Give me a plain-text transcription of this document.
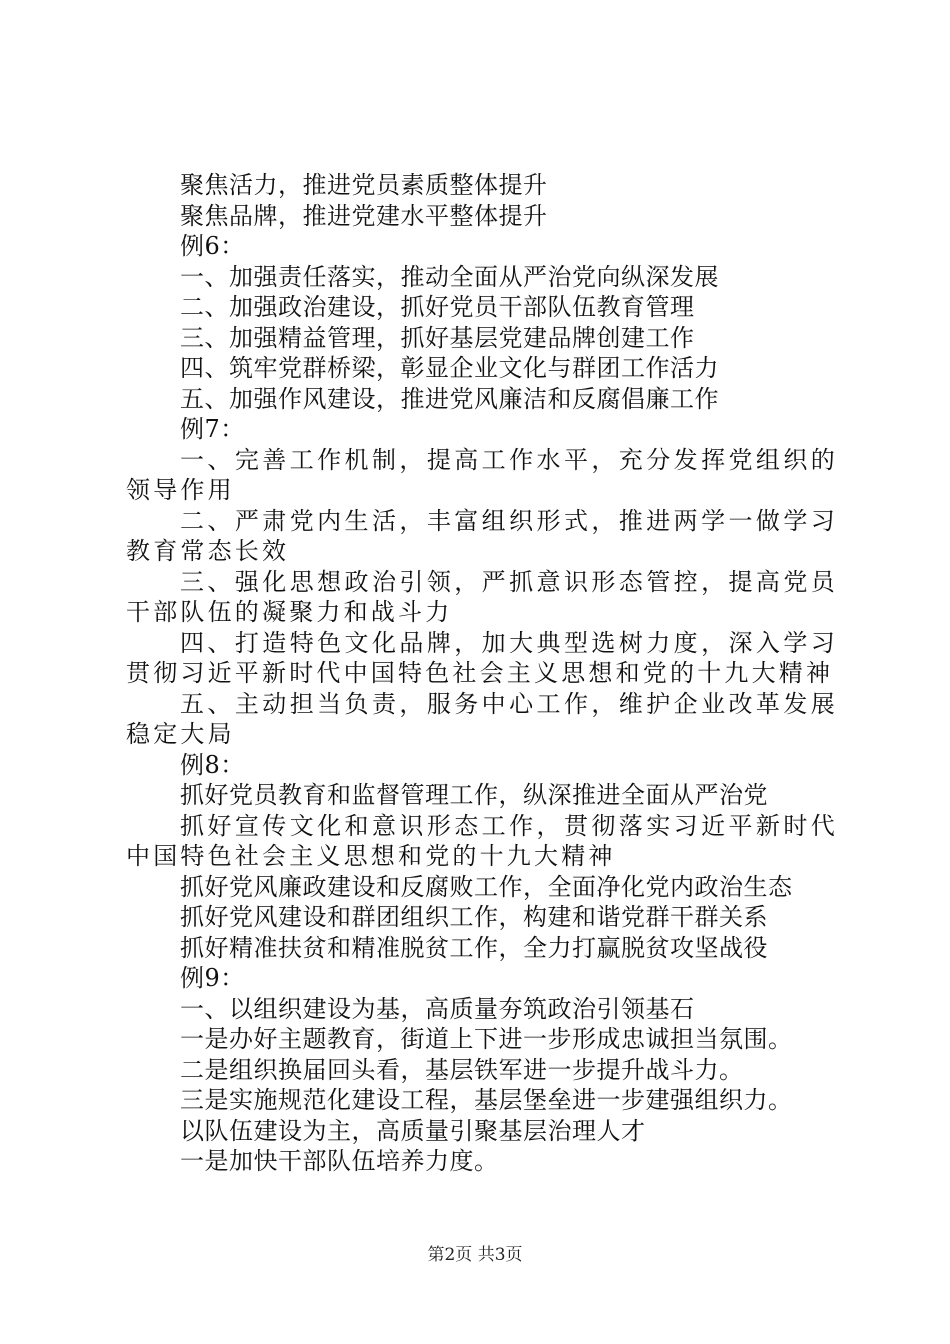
聚焦活力，推进党员素质整体提升
聚焦品牌，推进党建水平整体提升
例6：
一、加强责任落实，推动全面从严治党向纵深发展
二、加强政治建设，抓好党员干部队伍教育管理
三、加强精益管理，抓好基层党建品牌创建工作
四、筑牢党群桥梁，彰显企业文化与群团工作活力
五、加强作风建设，推进党风廉洁和反腐倡廉工作
例7：
一、完善工作机制，提高工作水平，充分发挥党组织的领导作用
二、严肃党内生活，丰富组织形式，推进两学一做学习教育常态长效
三、强化思想政治引领，严抓意识形态管控，提高党员干部队伍的凝聚力和战斗力
四、打造特色文化品牌，加大典型选树力度，深入学习贯彻习近平新时代中国特色社会主义思想和党的十九大精神
五、主动担当负责，服务中心工作，维护企业改革发展稳定大局
例8：
抓好党员教育和监督管理工作，纵深推进全面从严治党
抓好宣传文化和意识形态工作，贯彻落实习近平新时代中国特色社会主义思想和党的十九大精神
抓好党风廉政建设和反腐败工作，全面净化党内政治生态
抓好党风建设和群团组织工作，构建和谐党群干群关系
抓好精准扶贫和精准脱贫工作，全力打赢脱贫攻坚战役
例9：
一、以组织建设为基，高质量夯筑政治引领基石
一是办好主题教育，街道上下进一步形成忠诚担当氛围。
二是组织换届回头看，基层铁军进一步提升战斗力。
三是实施规范化建设工程，基层堡垒进一步建强组织力。
以队伍建设为主，高质量引聚基层治理人才
一是加快干部队伍培养力度。
第2页 共3页
